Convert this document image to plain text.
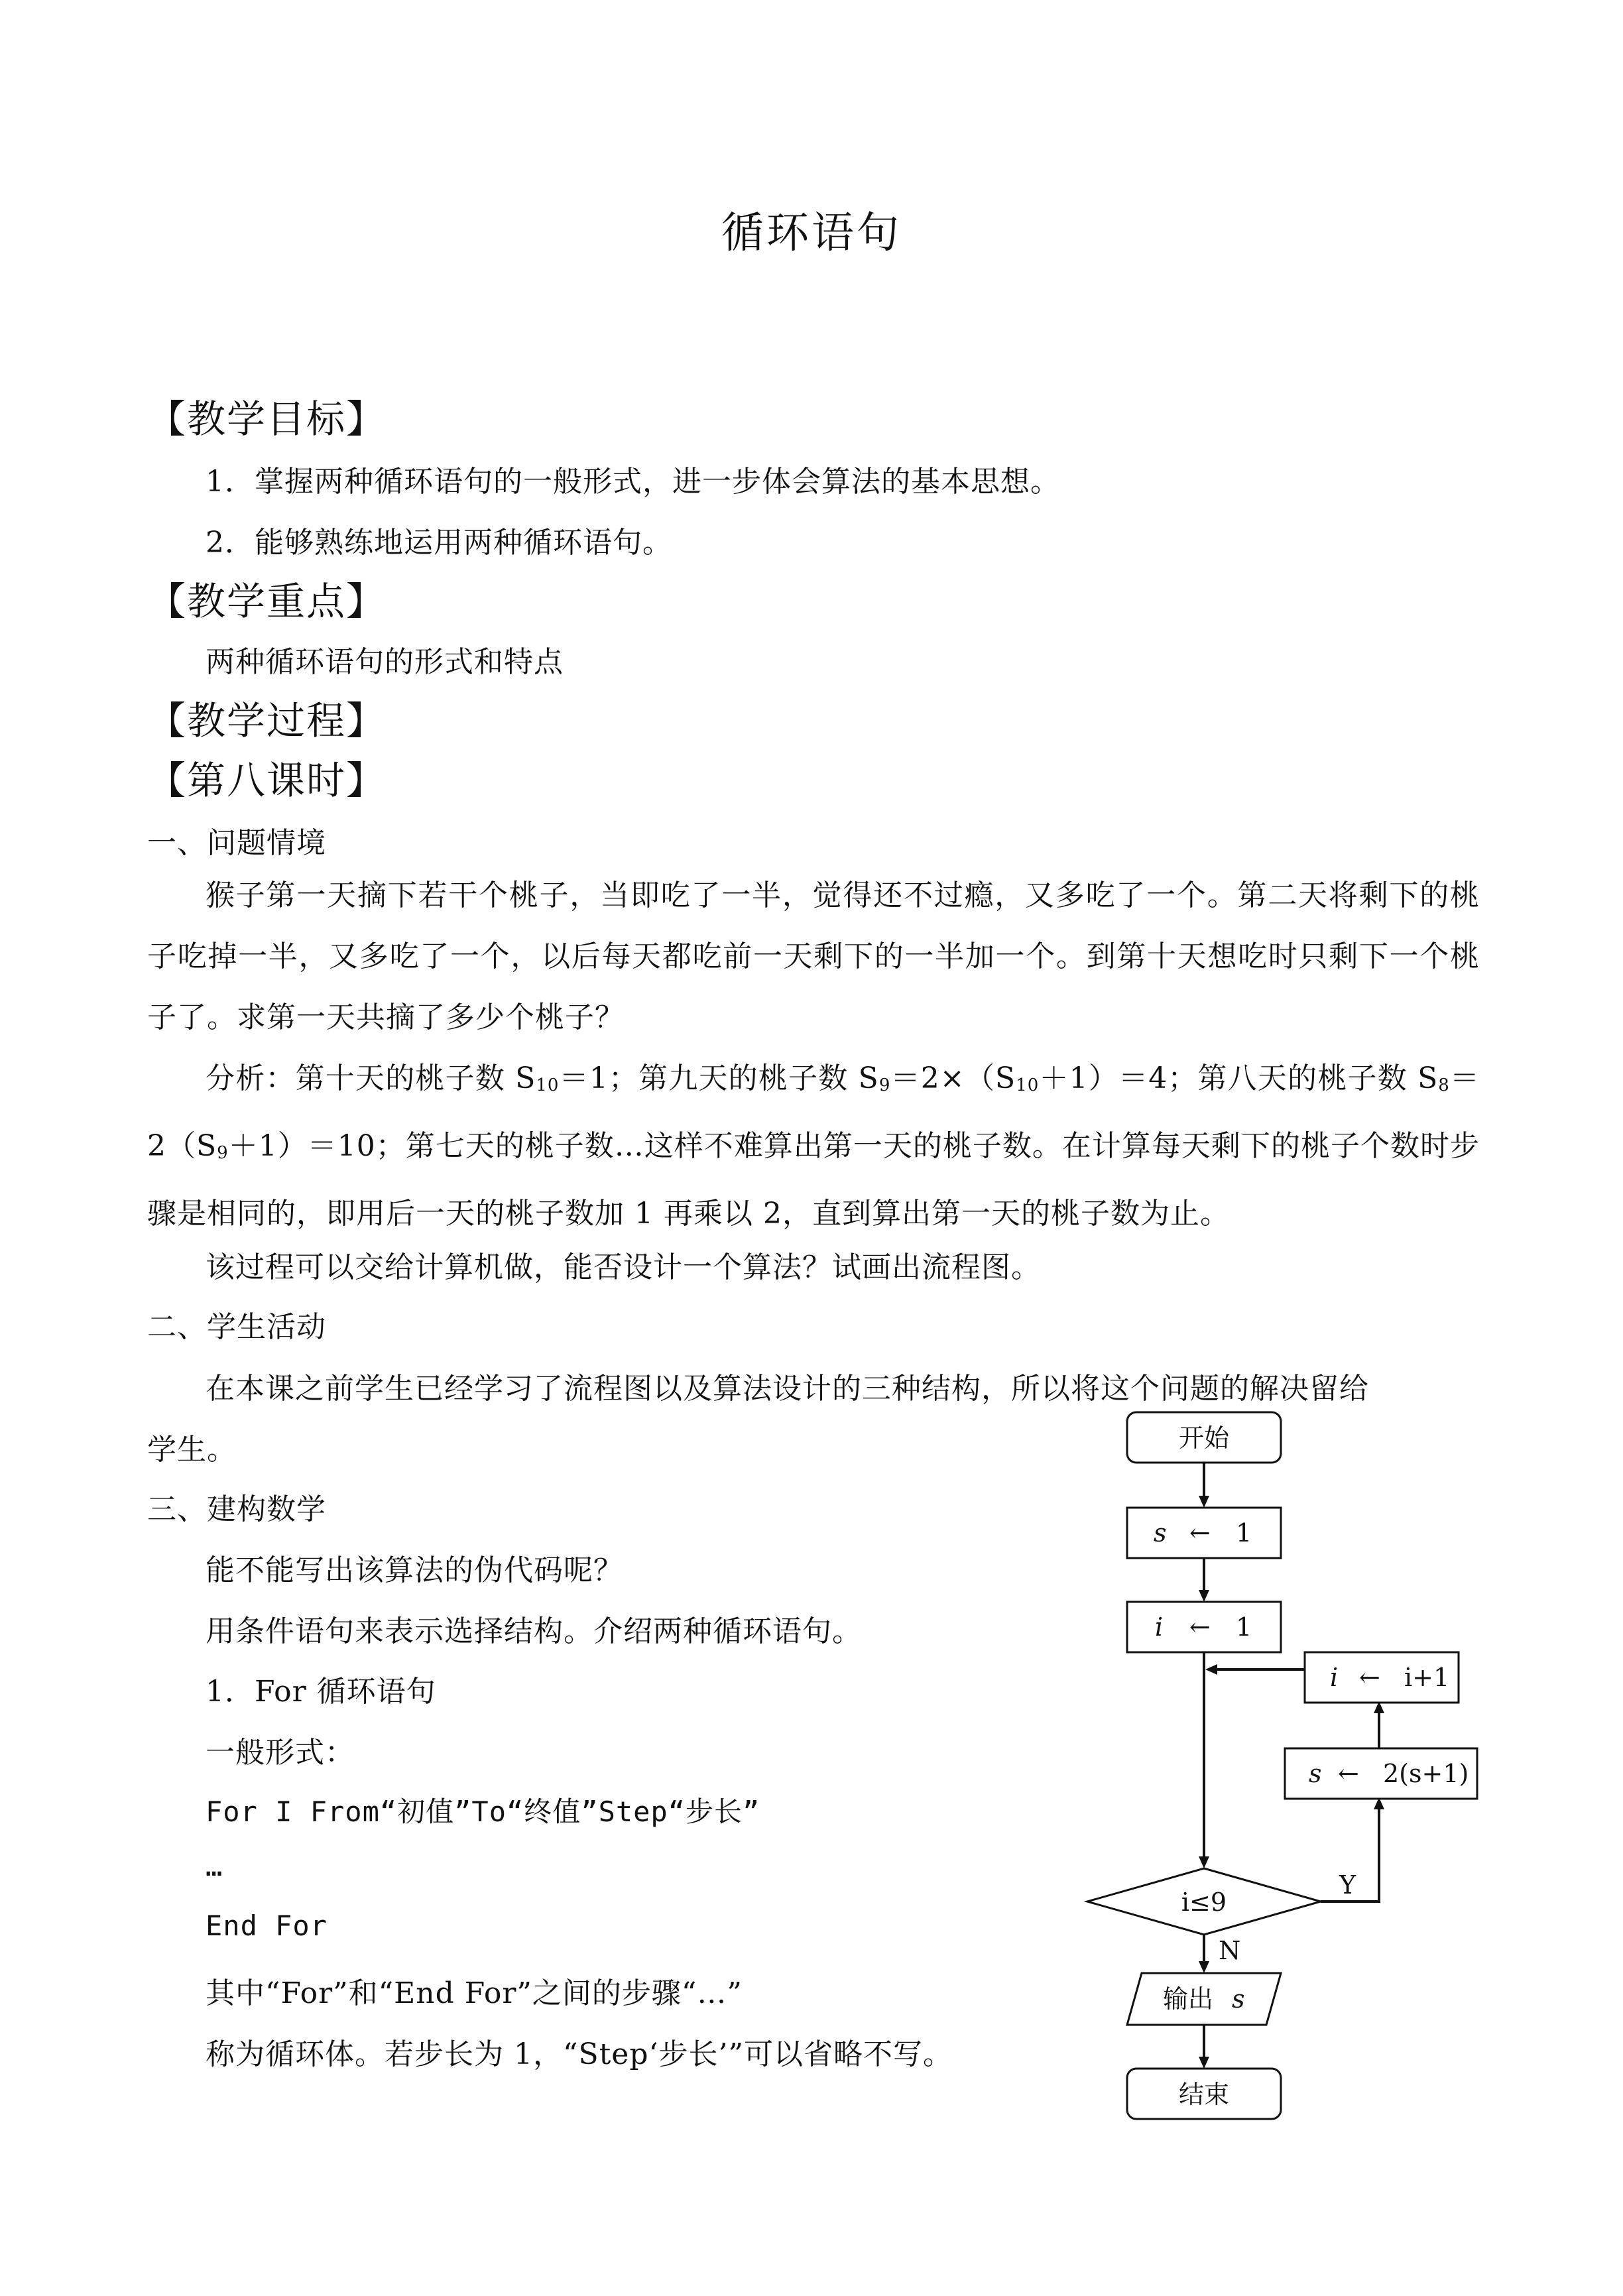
循环语句
【教学目标】
1．掌握两种循环语句的一般形式，进一步体会算法的基本思想。
2．能够熟练地运用两种循环语句。
【教学重点】
两种循环语句的形式和特点
【教学过程】
【第八课时】
一、问题情境
猴子第一天摘下若干个桃子，当即吃了一半，觉得还不过瘾，又多吃了一个。第二天将剩下的桃子吃掉一半，又多吃了一个，以后每天都吃前一天剩下的一半加一个。到第十天想吃时只剩下一个桃子了。求第一天共摘了多少个桃子？
分析：第十天的桃子数 S10＝1；第九天的桃子数 S9＝2×（S10＋1）＝4；第八天的桃子数 S8＝2（S9＋1）＝10；第七天的桃子数…这样不难算出第一天的桃子数。在计算每天剩下的桃子个数时步骤是相同的，即用后一天的桃子数加 1 再乘以 2，直到算出第一天的桃子数为止。
该过程可以交给计算机做，能否设计一个算法？试画出流程图。
二、学生活动
在本课之前学生已经学习了流程图以及算法设计的三种结构，所以将这个问题的解决留给
学生。
三、建构数学
能不能写出该算法的伪代码呢？
用条件语句来表示选择结构。介绍两种循环语句。
1．For 循环语句
一般形式：
For I From“初值”To“终值”Step“步长”
…
End For
其中“For”和“End For”之间的步骤“…”
称为循环体。若步长为 1，“Step‘步长’”可以省略不写。
开始
s ← 1
i ← 1
i ← i+1
s ← 2(s+1)
i≤9
Y
N
输出 s
结束
